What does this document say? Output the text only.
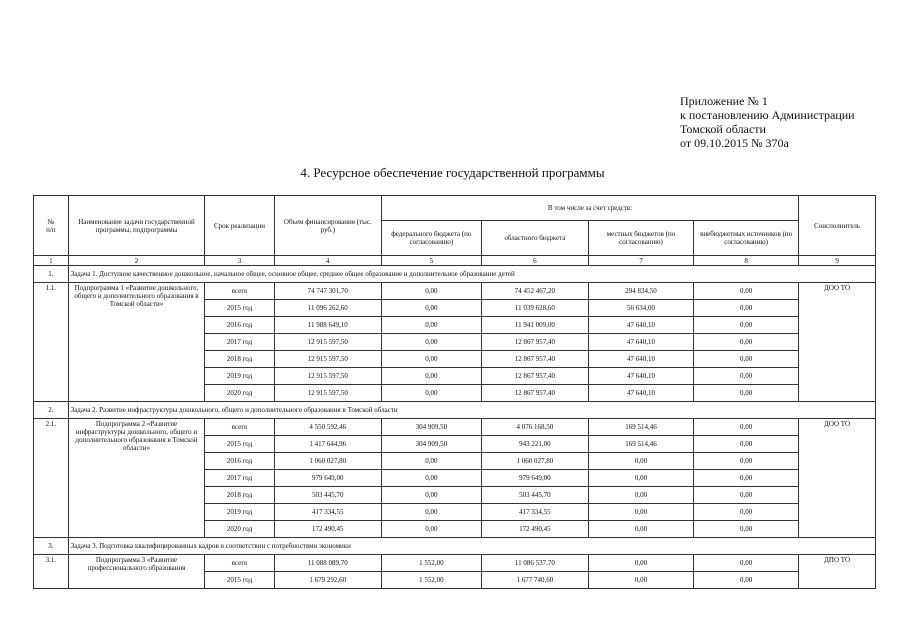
Приложение № 1
к постановлению Администрации
Томской области
от 09.10.2015 № 370а
4. Ресурсное обеспечение государственной программы
№
п/п	Наименование задачи государственной программы, подпрограммы	Срок реализации	Объем финансирования (тыс. руб.)	В том числе за счет средств:				Соисполнитель
				федерального бюджета (по согласованию)	областного бюджета	местных бюджетов (по согласованию)	внебюджетных источников (по согласованию)	
1	2	3	4	5	6	7	8	9
1.	Задача 1. Доступное качественное дошкольное, начальное общее, основное общее, среднее общее образование и дополнительное образование детей							
1.1.	Подпрограмма 1 «Развитие дошкольного, общего и дополнительного образования в Томской области»	всего	74 747 301,70	0,00	74 452 467,20	294 834,50	0,00	ДОО ТО
		2015 год	11 096 262,60	0,00	11 039 628,60	56 634,00	0,00	
		2016 год	11 988 649,10	0,00	11 941 009,00	47 640,10	0,00	
		2017 год	12 915 597,50	0,00	12 867 957,40	47 640,10	0,00	
		2018 год	12 915 597,50	0,00	12 867 957,40	47 640,10	0,00	
		2019 год	12 915 597,50	0,00	12 867 957,40	47 640,10	0,00	
		2020 год	12 915 597,50	0,00	12 867 957,40	47 640,10	0,00	
2.	Задача 2. Развитие инфраструктуры дошкольного, общего и дополнительного образования в Томской области							
2.1.	Подпрограмма 2 «Развитие инфраструктуры дошкольного, общего и дополнительного образования в Томской области»	всего	4 550 592,46	304 909,50	4 076 168,50	169 514,46	0,00	ДОО ТО
		2015 год	1 417 644,96	304 909,50	943 221,00	169 514,46	0,00	
		2016 год	1 060 027,80	0,00	1 060 027,80	0,00	0,00	
		2017 год	979 649,00	0,00	979 649,00	0,00	0,00	
		2018 год	503 445,70	0,00	503 445,70	0,00	0,00	
		2019 год	417 334,55	0,00	417 334,55	0,00	0,00	
		2020 год	172 490,45	0,00	172 490,45	0,00	0,00	
3.	Задача 3. Подготовка квалифицированных кадров в соответствии с потребностями экономики							
3.1.	Подпрограмма 3 «Развитие профессионального образования	всего	11 088 089,70	1 552,00	11 086 537,70	0,00	0,00	ДПО ТО
		2015 год	1 679 292,60	1 552,00	1 677 740,60	0,00	0,00	
